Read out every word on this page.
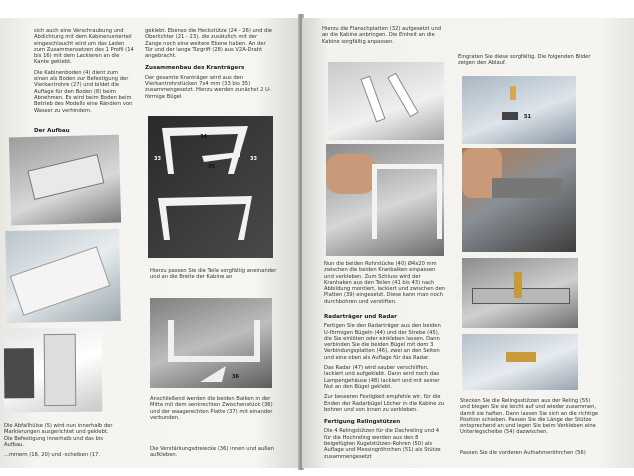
sich auch eine Verschraubung und Abdichtung mit dem Kabinenunterteil eingeschlaucht wird um das Laden zum Zusammensetzen des 1 Profil (14 bis 16) mit dem Lackieren an die Kante geklebt.

Die Kabinenboden (4) dient zum einen als Boden zur Befestigung der Vierkantrohre (27) und bildet die Auflage für den Boden (8) beim Abnehmen. Es wird beim Boden beim Betrieb des Modells eine Rändern von Wasser zu verhindern.

Der Aufbau

Die Abfallhülse (5) wird nun innerhalb der Markierungen ausgerichtet und geklebt. Die Befestigung innerhalb und das bis Aufbau.

...mmern (18, 20) und -scheiben (17,

geklebt. Ebenso die Heckstütze (24 - 26) und die Oberlichter (21 - 23), die zusätzlich mit der Zange noch eine weitere Ebene haben. An der Tür und der lange Türgriff (28) aus V2A-Draht angebracht.

Zusammenbau des Kranträgers

Der gesamte Kranträger wird aus den Vierkantrohrstücken 7x4 mm (33 bis 35) zusammengesetzt. Hierzu werden zunächst 2 U-förmige Bügel

34
33	33
35
Hierzu passen Sie die Teile sorgfältig aneinander und an die Breite der Kabine an
36
Anschließend werden die beiden Balken in der Mitte mit dem senkrechten Zwischenstück (36) und der waagerechten Platte (37) mit einander verbunden.
Die Verstärkungsdreiecke (36) innen und außen aufkleben.

Hierzu die Flanschplatten (32) aufgesetzt und an die Kabine anbringen. Die Einheit an die Kabine sorgfältig anpassen.

Nun die beiden Rohrstücke (40) Ø4x20 mm zwischen die beiden Kranbalken einpassen und verkleben. Zum Schluss wird der Kranhaken aus den Teilen (41 bis 43) nach Abbildung montiert, lackiert und zwischen den Platten (39) eingesetzt. Diese kann man noch durchbohren und verstiften.
Radarträger und Radar

Fertigen Sie den Radarträger aus den beiden U-förmigen Bügeln (44) und der Strebe (45), die Sie einlöten oder einkleben lassen. Dann verbinden Sie die beiden Bügel mit dem 3 Verbindungsplatten (46), zwei an den Seiten und eine oben als Auflage für das Radar.

Das Radar (47) wird sauber verschliffen, lackiert und aufgeklebt. Dann wird noch das Lampengehäuse (48) lackiert und mit seiner Nut an den Bügel geklebt.

Zur besseren Festigkeit empfehle wir, für die Enden der Radarbügel Löcher in die Kabine zu bohren und von innen zu verkleben.

Fertigung Relingstützen

Die 4 Relingstützen für die Dachreling und 4 für die Hochreling werden aus den 8 beigefügten Kugelstützen-Rohren (50) als Auflage und Messingröhrchen (51) als Stütze zusammengesetzt

Eingraten Sie diese sorgfältig. Die folgenden Bilder zeigen den Ablauf.

51
Stecken Sie die Relingsstützen aus der Reling (55) und biegen Sie sie leicht auf und wieder zusammen, damit sie haften. Dann lassen Sie sich an die richtige Position schieben. Passen Sie die Länge der Stütze entsprechend an und legen Sie beim Verkleben eine Unterlegscheibe (54) dazwischen.
Passen Sie die vorderen Aufnahmeröhrchen (56)
